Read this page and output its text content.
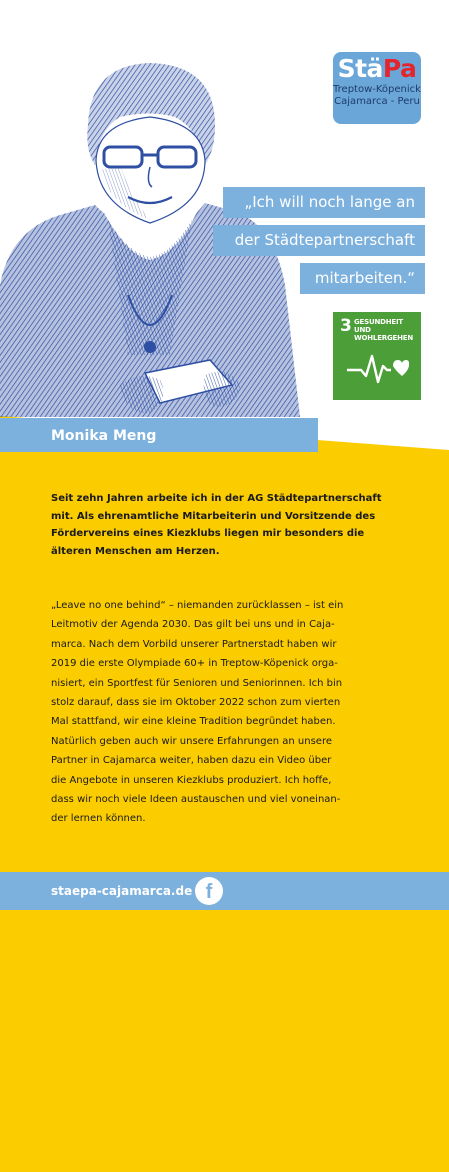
StäPa
Treptow-Köpenick
Cajamarca - Peru
„Ich will noch lange an
der Städtepartnerschaft
mitarbeiten.“
3 GESUNDHEIT UND
WOHLERGEHEN
Monika Meng
Seit zehn Jahren arbeite ich in der AG Städtepartnerschaft
mit. Als ehrenamtliche Mitarbeiterin und Vorsitzende des
Fördervereins eines Kiezklubs liegen mir besonders die
älteren Menschen am Herzen.
„Leave no one behind“ – niemanden zurücklassen – ist ein
Leitmotiv der Agenda 2030. Das gilt bei uns und in Caja-
marca. Nach dem Vorbild unserer Partnerstadt haben wir
2019 die erste Olympiade 60+ in Treptow-Köpenick orga-
nisiert, ein Sportfest für Senioren und Seniorinnen. Ich bin
stolz darauf, dass sie im Oktober 2022 schon zum vierten
Mal stattfand, wir eine kleine Tradition begründet haben.
Natürlich geben auch wir unsere Erfahrungen an unsere
Partner in Cajamarca weiter, haben dazu ein Video über
die Angebote in unseren Kiezklubs produziert. Ich hoffe,
dass wir noch viele Ideen austauschen und viel voneinan-
der lernen können.
staepa-cajamarca.de f
